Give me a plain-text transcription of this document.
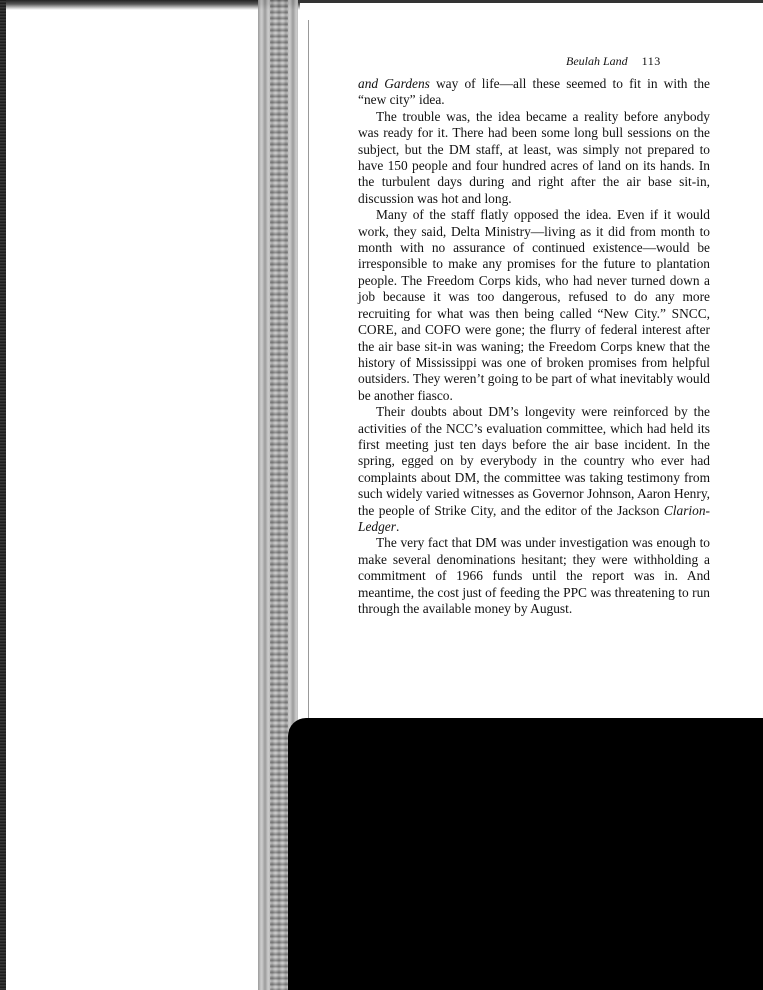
Beulah Land 113

and Gardens way of life—all these seemed to fit in with the “new city” idea.

The trouble was, the idea became a reality before anybody was ready for it. There had been some long bull sessions on the subject, but the DM staff, at least, was simply not prepared to have 150 people and four hundred acres of land on its hands. In the turbulent days during and right after the air base sit-in, discussion was hot and long.

Many of the staff flatly opposed the idea. Even if it would work, they said, Delta Ministry—living as it did from month to month with no assurance of continued existence—would be irresponsible to make any promises for the future to plantation people. The Freedom Corps kids, who had never turned down a job because it was too dangerous, refused to do any more recruiting for what was then being called “New City.” SNCC, CORE, and COFO were gone; the flurry of federal interest after the air base sit-in was waning; the Freedom Corps knew that the history of Mississippi was one of broken promises from helpful outsiders. They weren’t going to be part of what inevitably would be another fiasco.

Their doubts about DM’s longevity were reinforced by the activities of the NCC’s evaluation committee, which had held its first meeting just ten days before the air base incident. In the spring, egged on by everybody in the country who ever had complaints about DM, the committee was taking testimony from such widely varied witnesses as Governor Johnson, Aaron Henry, the people of Strike City, and the editor of the Jackson Clarion-Ledger.

The very fact that DM was under investigation was enough to make several denominations hesitant; they were withholding a commitment of 1966 funds until the report was in. And meantime, the cost just of feeding the PPC was threatening to run through the available money by August.
